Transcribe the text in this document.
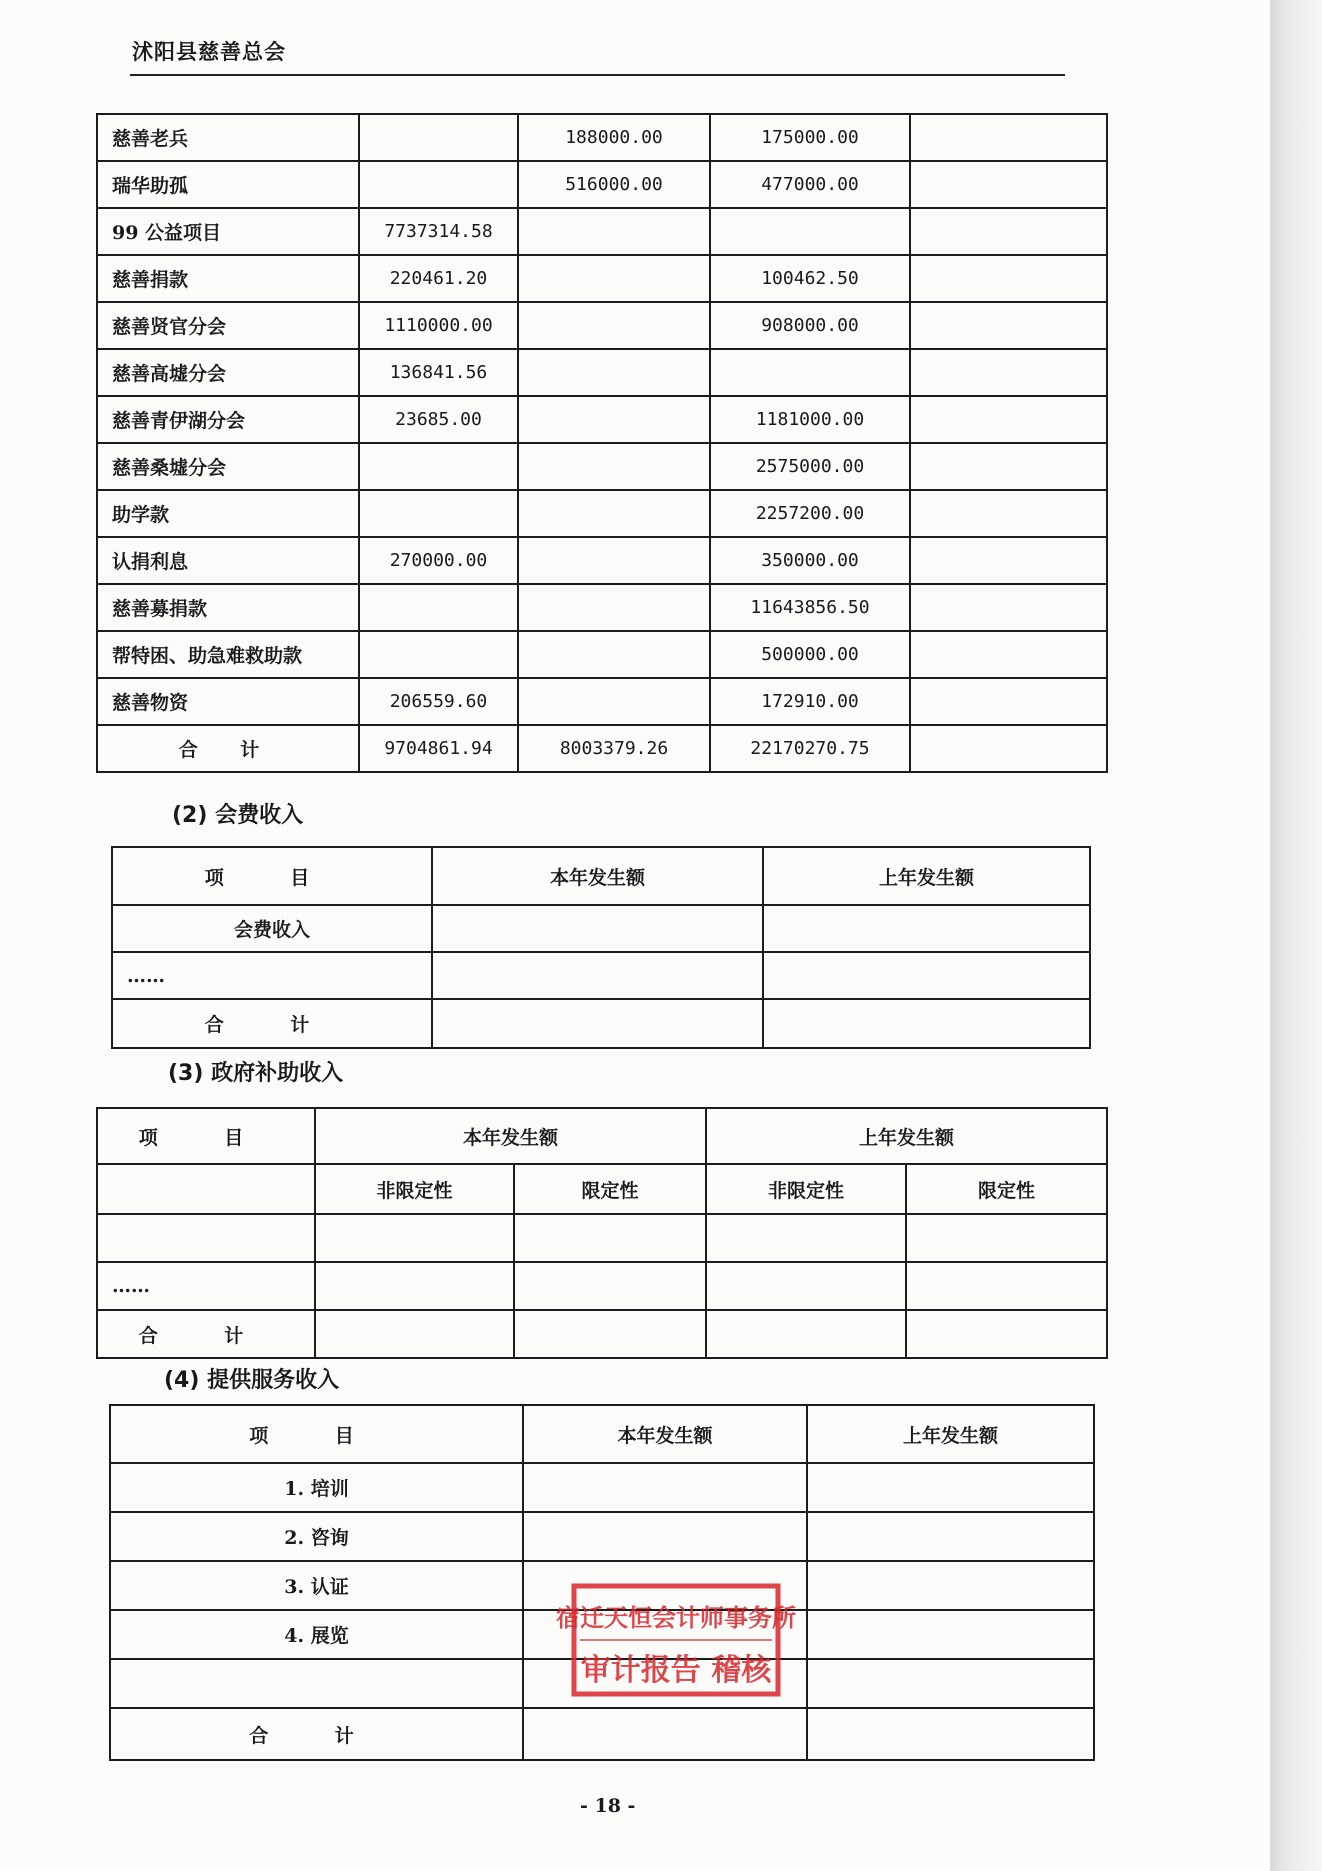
沭阳县慈善总会
慈善老兵		188000.00	175000.00	
瑞华助孤		516000.00	477000.00	
99 公益项目	7737314.58			
慈善捐款	220461.20		100462.50	
慈善贤官分会	1110000.00		908000.00	
慈善高墟分会	136841.56			
慈善青伊湖分会	23685.00		1181000.00	
慈善桑墟分会			2575000.00	
助学款			2257200.00	
认捐利息	270000.00		350000.00	
慈善募捐款			11643856.50	
帮特困、助急难救助款			500000.00	
慈善物资	206559.60		172910.00	
合 计	9704861.94	8003379.26	22170270.75	
(2) 会费收入
项 目	本年发生额	上年发生额
会费收入		
……		
合 计		
(3) 政府补助收入
项 目	本年发生额		上年发生额	
	非限定性	限定性	非限定性	限定性

……				
合 计				
(4) 提供服务收入
项 目	本年发生额	上年发生额
1. 培训		
2. 咨询		
3. 认证		
4. 展览		

合 计		
宿迁天恒会计师事务所
审计报告 稽核
- 18 -
